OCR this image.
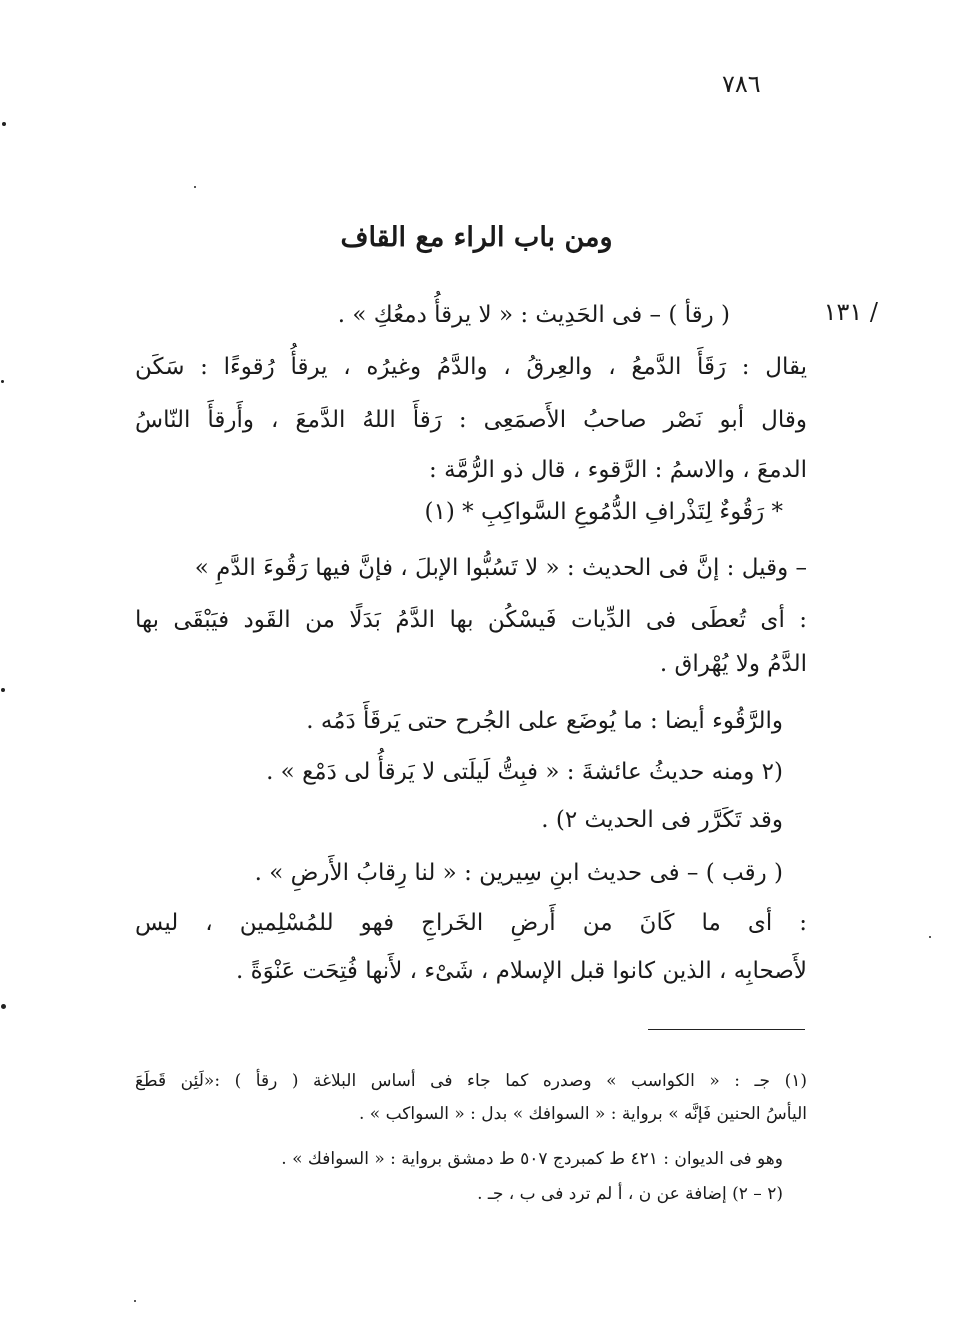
٧٨٦
ومن باب الراء مع القاف
١٣١ /
( رقأ ) – فى الحَدِيث : « لا يرقأُ دمعُكِ » .
يقال : رَقَأَ الدَّمعُ ، والعِرقُ ، والدَّمُ وغيرُه ، يرقأُ رُقوءًا : سَكَن
وقال أبو نَصْر صاحبُ الأَصمَعِى : رَقأَ اللهُ الدَّمعَ ، وأَرقأَ النّاسُ
الدمعَ ، والاسمُ : الرَّقوء ، قال ذو الرُّمَّة :
* رَقُوءٌ لِتَذْرافِ الدُّمُوعِ السَّواكِبِ * (١)
– وقيل : إنَّ فى الحديث : « لا تَسُبُّوا الإبلَ ، فإنَّ فيها رَقُوءَ الدَّمِ »
: أى تُعطَى فى الدِّيات فَيسْكُن بها الدَّمُ بَدَلًا من القَود فيَبْقَى بها
الدَّمُ ولا يُهْراق .
والرَّقُوء أيضا : ما يُوضَع على الجُرح حتى يَرقَأَ دَمُه .
(٢ ومنه حديثُ عائشةَ : « فبِتُّ لَيلَتى لا يَرقأُ لى دَمْع » .
وقد تَكَرَّر فى الحديث ٢) .
( رقب ) – فى حديث ابنِ سِيرين : « لنا رِقابُ الأَرضِ » .
: أى ما كَانَ من أَرضِ الخَراجِ فهو للمُسْلِمين ، ليس
لأَصحابِه ، الذين كانوا قبل الإسلام ، شَىْء ، لأَنها فُتِحَت عَنْوَةً .
(١) جـ : « الكواسب » وصدره كما جاء فى أساس البلاغة ( رقأ ) :«لَئِن قَطَعَ
اليأسُ الحنين فَإنَّه » برواية : « السوافك » بدل : « السواكب » .
وهو فى الديوان : ٤٢١ ط كمبردج ٥٠٧ ط دمشق برواية : « السوافك » .
(٢ – ٢) إضافة عن ن ، أ لم ترد فى ب ، جـ .
